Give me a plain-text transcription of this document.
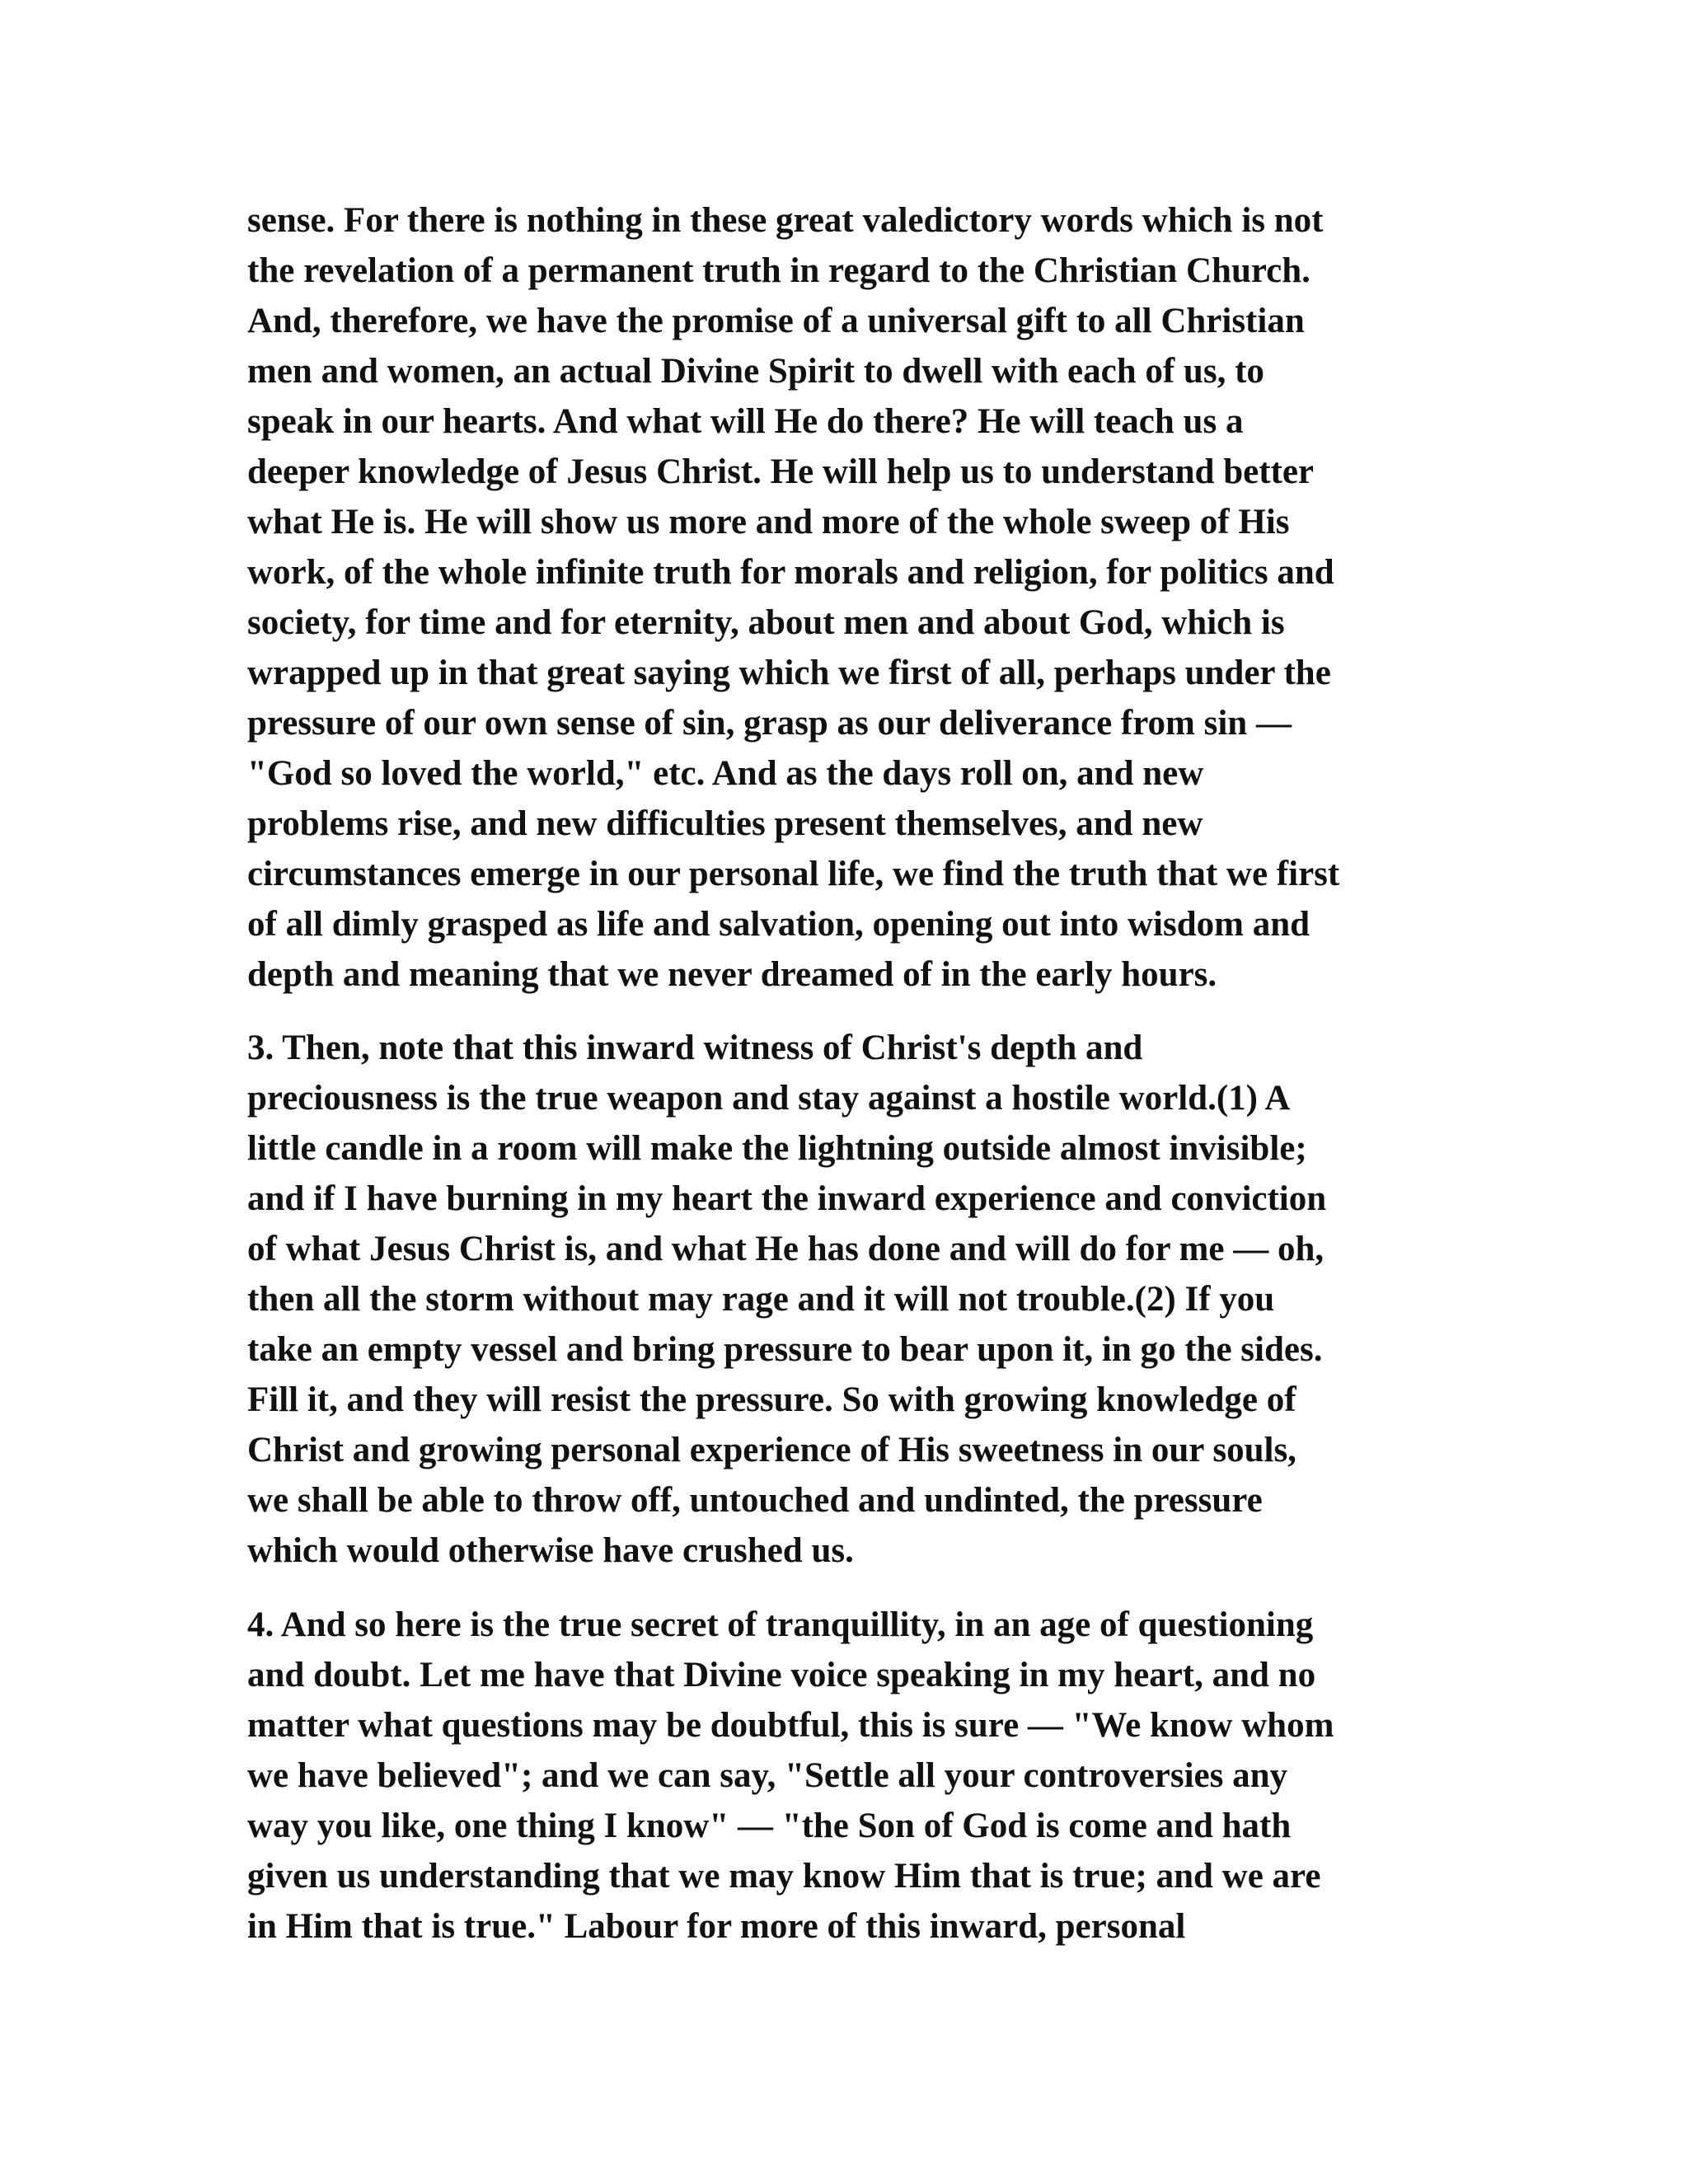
sense. For there is nothing in these great valedictory words which is not
the revelation of a permanent truth in regard to the Christian Church.
And, therefore, we have the promise of a universal gift to all Christian
men and women, an actual Divine Spirit to dwell with each of us, to
speak in our hearts. And what will He do there? He will teach us a
deeper knowledge of Jesus Christ. He will help us to understand better
what He is. He will show us more and more of the whole sweep of His
work, of the whole infinite truth for morals and religion, for politics and
society, for time and for eternity, about men and about God, which is
wrapped up in that great saying which we first of all, perhaps under the
pressure of our own sense of sin, grasp as our deliverance from sin —
"God so loved the world," etc. And as the days roll on, and new
problems rise, and new difficulties present themselves, and new
circumstances emerge in our personal life, we find the truth that we first
of all dimly grasped as life and salvation, opening out into wisdom and
depth and meaning that we never dreamed of in the early hours.
3. Then, note that this inward witness of Christ's depth and
preciousness is the true weapon and stay against a hostile world.(1) A
little candle in a room will make the lightning outside almost invisible;
and if I have burning in my heart the inward experience and conviction
of what Jesus Christ is, and what He has done and will do for me — oh,
then all the storm without may rage and it will not trouble.(2) If you
take an empty vessel and bring pressure to bear upon it, in go the sides.
Fill it, and they will resist the pressure. So with growing knowledge of
Christ and growing personal experience of His sweetness in our souls,
we shall be able to throw off, untouched and undinted, the pressure
which would otherwise have crushed us.
4. And so here is the true secret of tranquillity, in an age of questioning
and doubt. Let me have that Divine voice speaking in my heart, and no
matter what questions may be doubtful, this is sure — "We know whom
we have believed"; and we can say, "Settle all your controversies any
way you like, one thing I know" — "the Son of God is come and hath
given us understanding that we may know Him that is true; and we are
in Him that is true." Labour for more of this inward, personal
